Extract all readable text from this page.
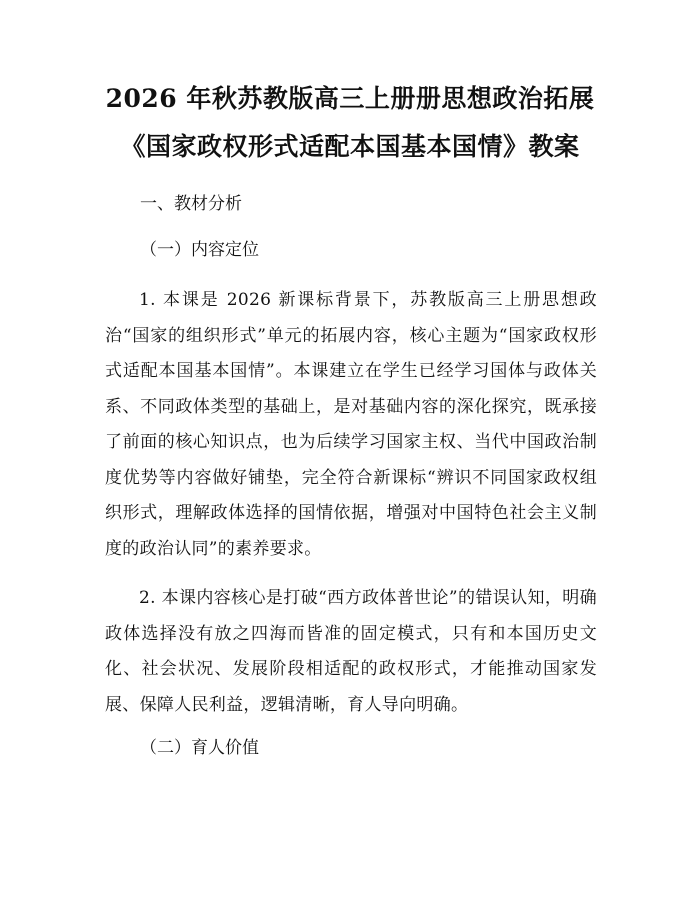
2026 年秋苏教版高三上册册思想政治拓展
《国家政权形式适配本国基本国情》教案
一、教材分析
（一）内容定位

1. 本课是 2026 新课标背景下，苏教版高三上册思想政治“国家的组织形式”单元的拓展内容，核心主题为“国家政权形式适配本国基本国情”。本课建立在学生已经学习国体与政体关系、不同政体类型的基础上，是对基础内容的深化探究，既承接了前面的核心知识点，也为后续学习国家主权、当代中国政治制度优势等内容做好铺垫，完全符合新课标“辨识不同国家政权组织形式，理解政体选择的国情依据，增强对中国特色社会主义制度的政治认同”的素养要求。

2. 本课内容核心是打破“西方政体普世论”的错误认知，明确政体选择没有放之四海而皆准的固定模式，只有和本国历史文化、社会状况、发展阶段相适配的政权形式，才能推动国家发展、保障人民利益，逻辑清晰，育人导向明确。

（二）育人价值
